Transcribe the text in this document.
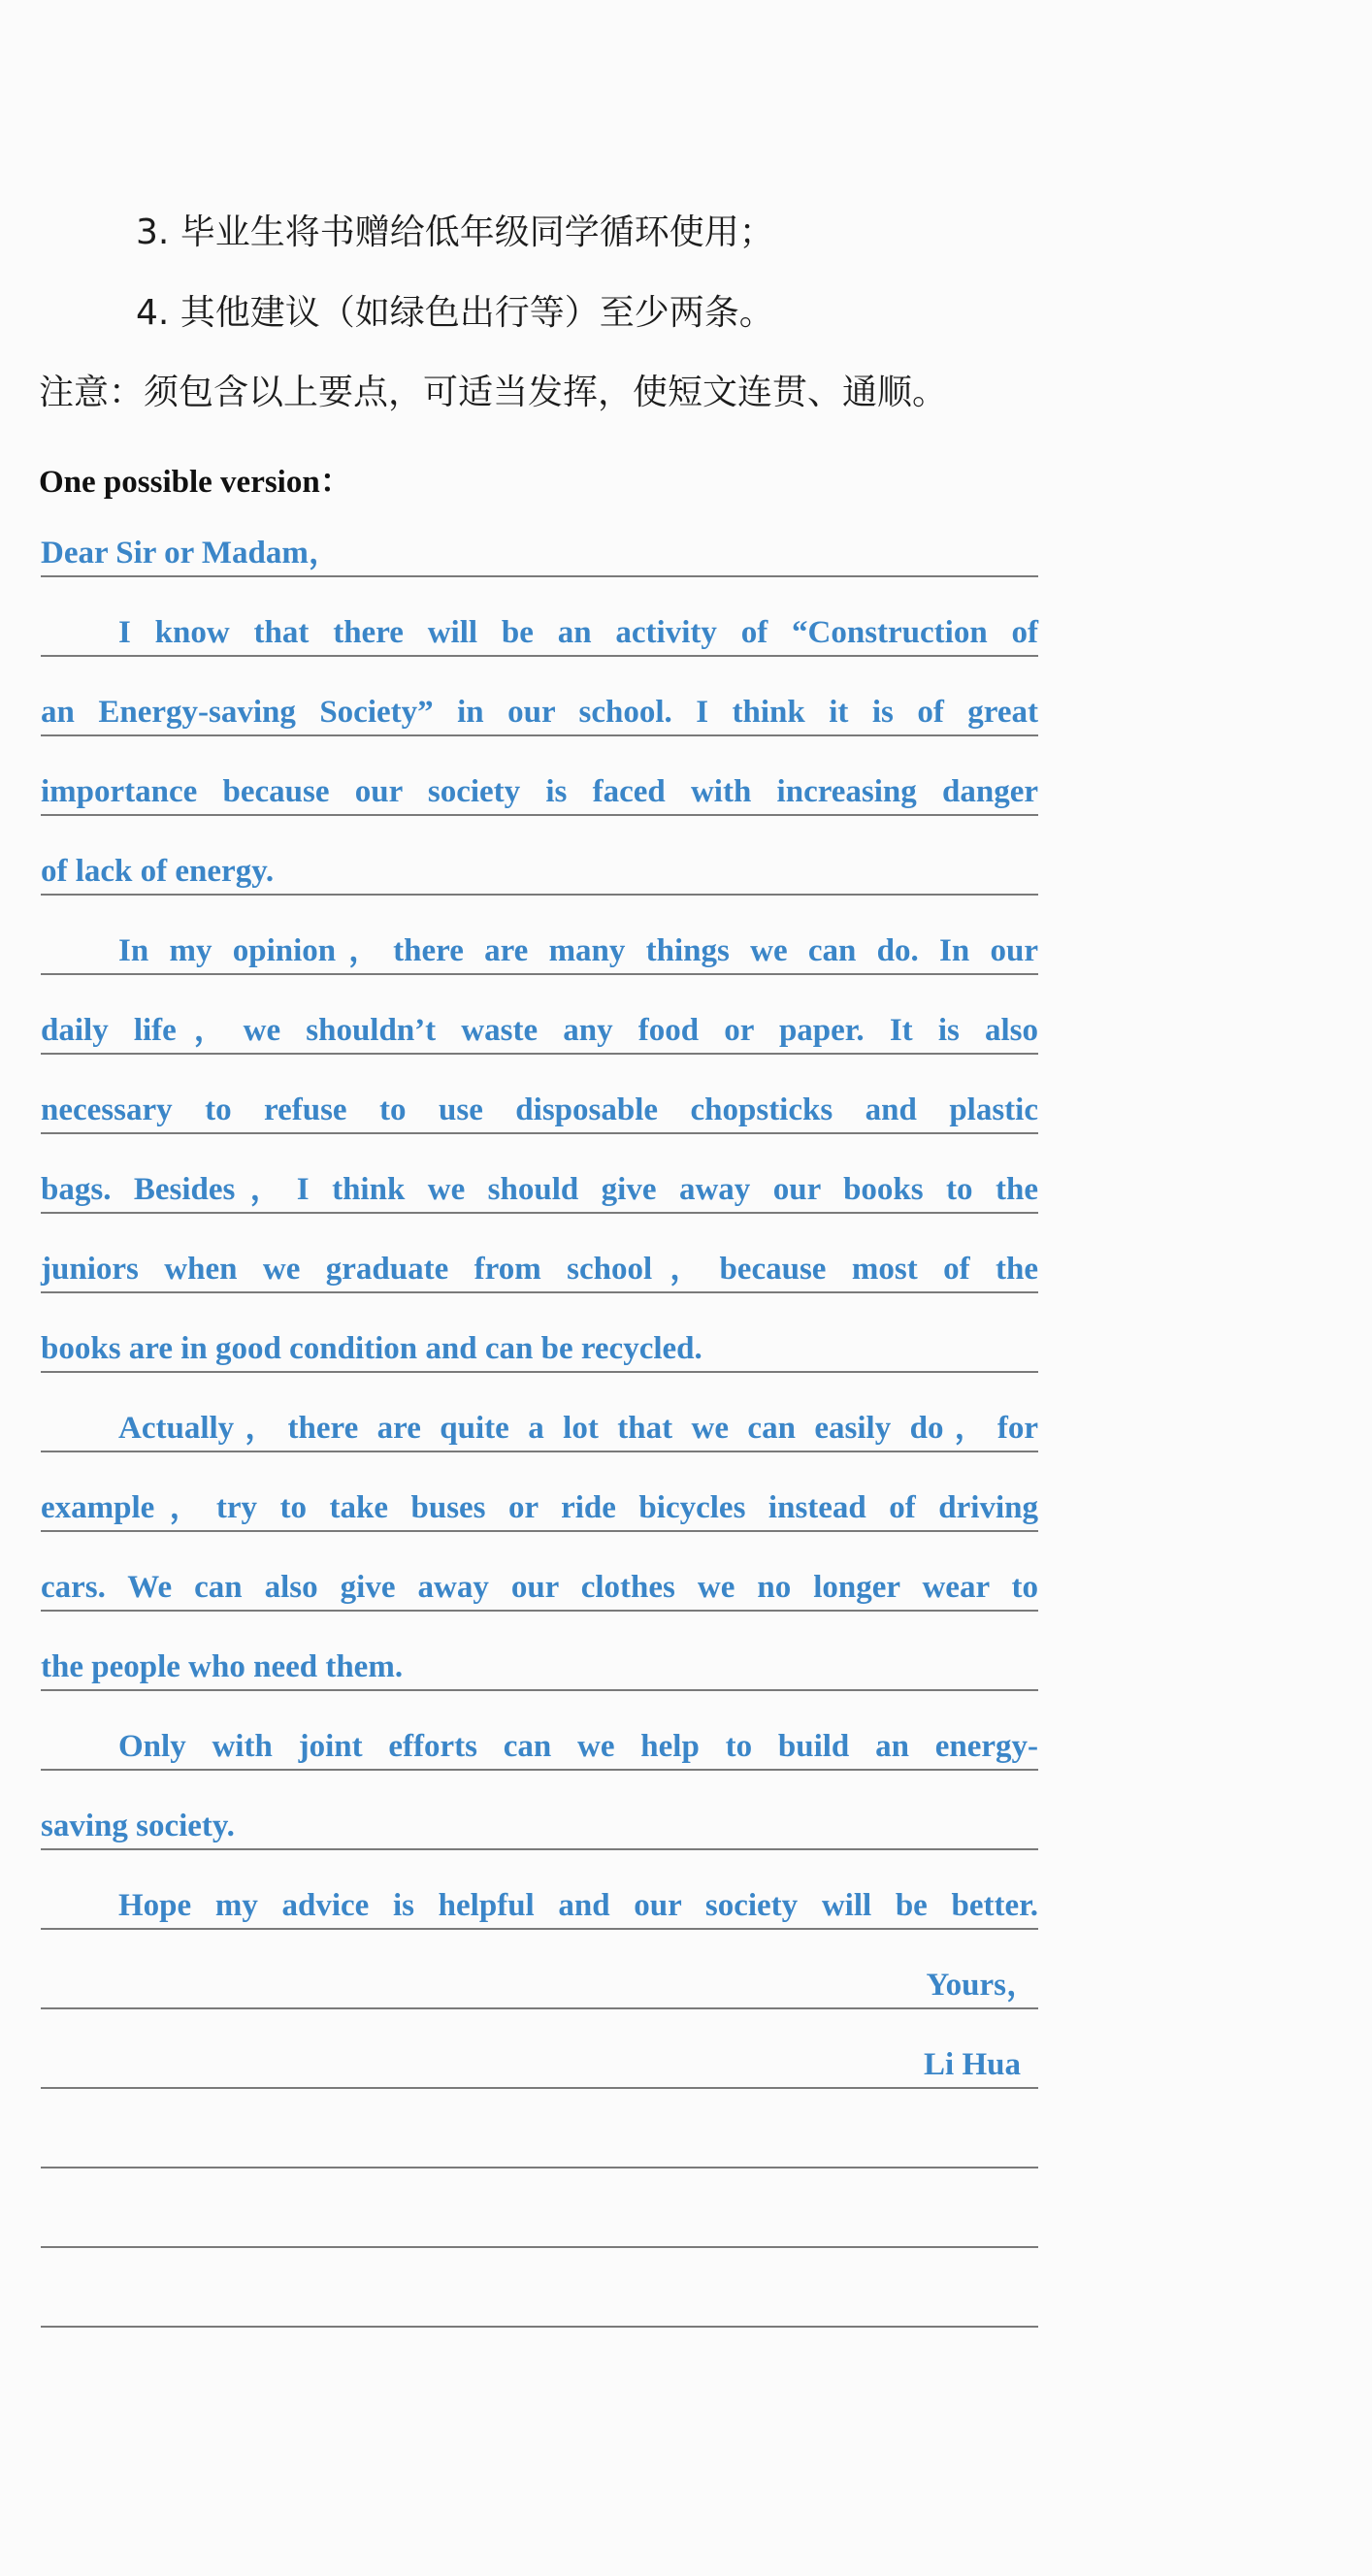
3. 毕业生将书赠给低年级同学循环使用；
4. 其他建议（如绿色出行等）至少两条。
注意：须包含以上要点，可适当发挥，使短文连贯、通顺。
One possible version：
Dear Sir or Madam，
I know that there will be an activity of “Construction of
an Energy-saving Society” in our school. I think it is of great
importance because our society is faced with increasing danger
of lack of energy.
In my opinion，there are many things we can do. In our
daily life，we shouldn’t waste any food or paper. It is also
necessary to refuse to use disposable chopsticks and plastic
bags. Besides，I think we should give away our books to the
juniors when we graduate from school，because most of the
books are in good condition and can be recycled.
Actually，there are quite a lot that we can easily do，for
example，try to take buses or ride bicycles instead of driving
cars. We can also give away our clothes we no longer wear to
the people who need them.
Only with joint efforts can we help to build an energy-
saving society.
Hope my advice is helpful and our society will be better.
Yours，
Li Hua
